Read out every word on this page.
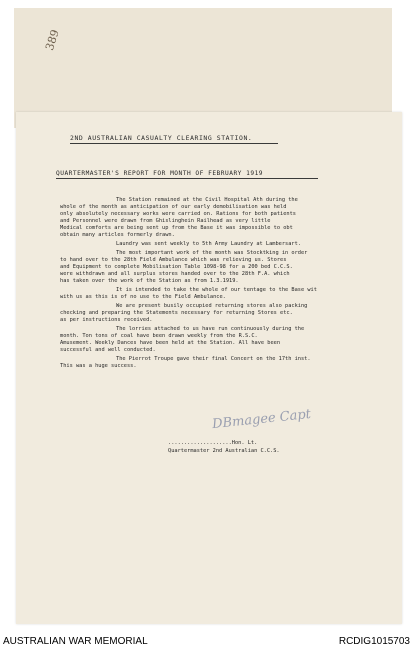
389
2ND AUSTRALIAN CASUALTY CLEARING STATION.
QUARTERMASTER'S REPORT FOR MONTH OF FEBRUARY 1919
The Station remained at the Civil Hospital Ath during the
whole of the month as anticipation of our early demobilisation was held
only absolutely necessary works were carried on. Rations for both patients
and Personnel were drawn from Ghislinghein Railhead as very little
Medical comforts are being sent up from the Base it was impossible to obt
obtain many articles formerly drawn.
Laundry was sent weekly to 5th Army Laundry at Lambersart.
The most important work of the month was Stocktking in order
to hand over to the 28th Field Ambulance which was relieving us. Stores
and Equipment to complete Mobilisation Table 1098-98 for a 200 bed C.C.S.
were withdrawn and all surplus stores handed over to the 28th F.A. which
has taken over the work of the Station as from 1.3.1919.
It is intended to take the whole of our tentage to the Base wit
with us as this is of no use to the Field Ambulance.
We are present busily occupied returning stores also packing
checking and preparing the Statements necessary for returning Stores etc.
as per instructions received.
The lorries attached to us have run continuously during the
month. Ton tons of coal have been drawn weekly from the R.S.C.
Amusement. Weekly Dances have been held at the Station. All have been
successful and well conducted.
The Pierrot Troupe gave their final Concert on the 17th inst.
This was a huge success.
DBmagee Capt
....................Hon. Lt.
Quartermaster 2nd Australian C.C.S.
AUSTRALIAN WAR MEMORIAL	RCDIG1015703
